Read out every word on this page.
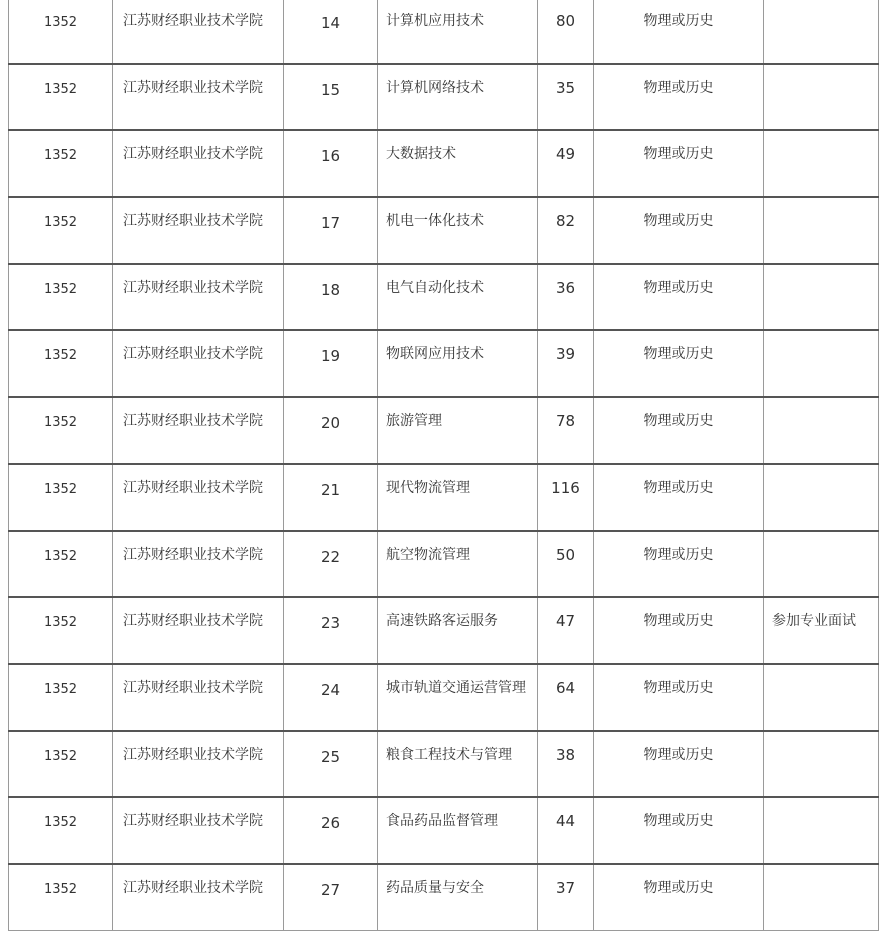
1352	江苏财经职业技术学院	14	计算机应用技术	80	物理或历史	
1352	江苏财经职业技术学院	15	计算机网络技术	35	物理或历史	
1352	江苏财经职业技术学院	16	大数据技术	49	物理或历史	
1352	江苏财经职业技术学院	17	机电一体化技术	82	物理或历史	
1352	江苏财经职业技术学院	18	电气自动化技术	36	物理或历史	
1352	江苏财经职业技术学院	19	物联网应用技术	39	物理或历史	
1352	江苏财经职业技术学院	20	旅游管理	78	物理或历史	
1352	江苏财经职业技术学院	21	现代物流管理	116	物理或历史	
1352	江苏财经职业技术学院	22	航空物流管理	50	物理或历史	
1352	江苏财经职业技术学院	23	高速铁路客运服务	47	物理或历史	参加专业面试
1352	江苏财经职业技术学院	24	城市轨道交通运营管理	64	物理或历史	
1352	江苏财经职业技术学院	25	粮食工程技术与管理	38	物理或历史	
1352	江苏财经职业技术学院	26	食品药品监督管理	44	物理或历史	
1352	江苏财经职业技术学院	27	药品质量与安全	37	物理或历史	
